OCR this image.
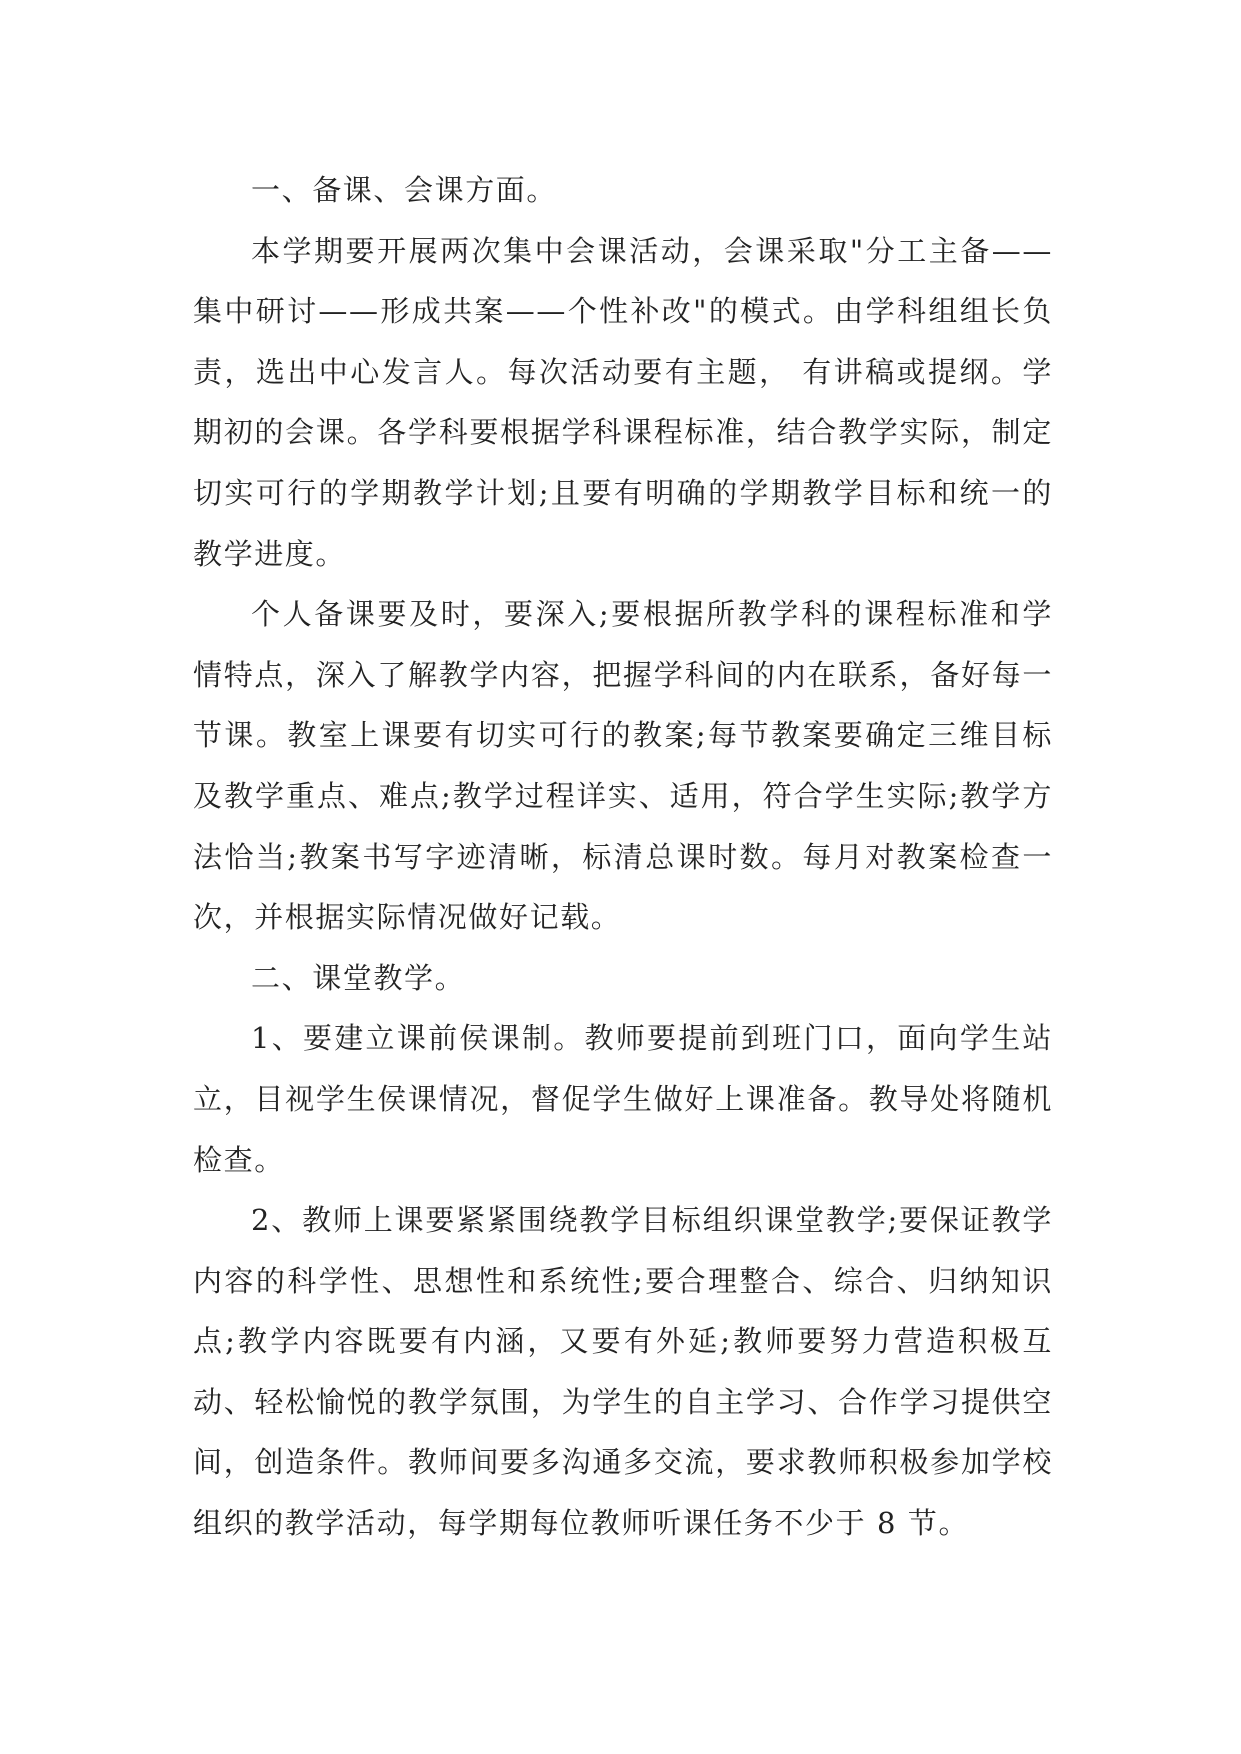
一、备课、会课方面。

本学期要开展两次集中会课活动，会课采取"分工主备——集中研讨——形成共案——个性补改"的模式。由学科组组长负责，选出中心发言人。每次活动要有主题， 有讲稿或提纲。学期初的会课。各学科要根据学科课程标准，结合教学实际，制定切实可行的学期教学计划;且要有明确的学期教学目标和统一的教学进度。

个人备课要及时，要深入;要根据所教学科的课程标准和学情特点，深入了解教学内容，把握学科间的内在联系，备好每一节课。教室上课要有切实可行的教案;每节教案要确定三维目标及教学重点、难点;教学过程详实、适用，符合学生实际;教学方法恰当;教案书写字迹清晰，标清总课时数。每月对教案检查一次，并根据实际情况做好记载。

二、课堂教学。

1、要建立课前侯课制。教师要提前到班门口，面向学生站立，目视学生侯课情况，督促学生做好上课准备。教导处将随机检查。

2、教师上课要紧紧围绕教学目标组织课堂教学;要保证教学内容的科学性、思想性和系统性;要合理整合、综合、归纳知识点;教学内容既要有内涵，又要有外延;教师要努力营造积极互动、轻松愉悦的教学氛围，为学生的自主学习、合作学习提供空间，创造条件。教师间要多沟通多交流，要求教师积极参加学校组织的教学活动，每学期每位教师听课任务不少于 8 节。
